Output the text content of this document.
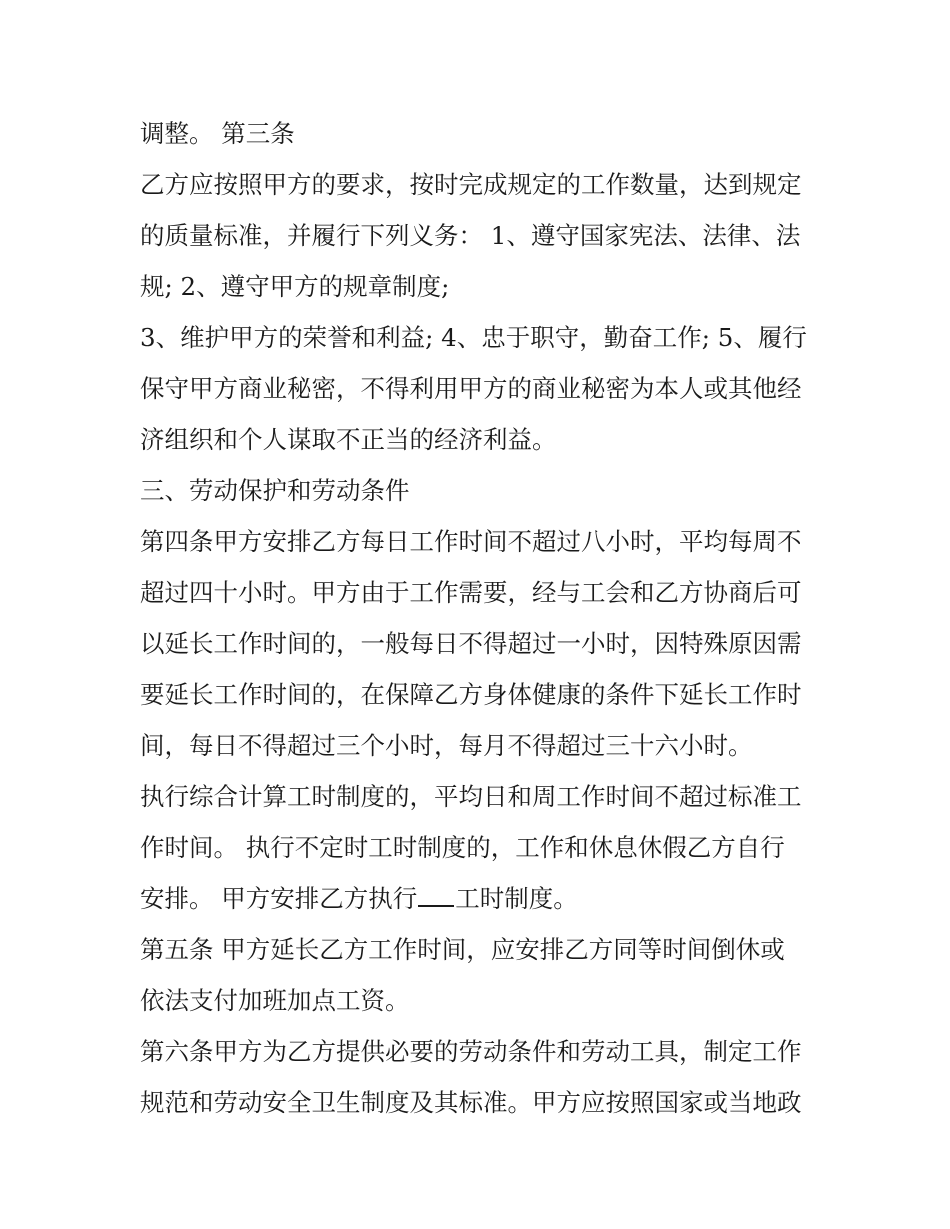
调整。 第三条

乙方应按照甲方的要求，按时完成规定的工作数量，达到规定

的质量标准，并履行下列义务： 1、遵守国家宪法、法律、法

规; 2、遵守甲方的规章制度;

3、维护甲方的荣誉和利益; 4、忠于职守，勤奋工作; 5、履行

保守甲方商业秘密，不得利用甲方的商业秘密为本人或其他经

济组织和个人谋取不正当的经济利益。

三、劳动保护和劳动条件

第四条甲方安排乙方每日工作时间不超过八小时，平均每周不

超过四十小时。甲方由于工作需要，经与工会和乙方协商后可

以延长工作时间的，一般每日不得超过一小时，因特殊原因需

要延长工作时间的，在保障乙方身体健康的条件下延长工作时

间，每日不得超过三个小时，每月不得超过三十六小时。

执行综合计算工时制度的，平均日和周工作时间不超过标准工

作时间。 执行不定时工时制度的，工作和休息休假乙方自行

安排。 甲方安排乙方执行 工时制度。

第五条 甲方延长乙方工作时间，应安排乙方同等时间倒休或

依法支付加班加点工资。

第六条甲方为乙方提供必要的劳动条件和劳动工具，制定工作

规范和劳动安全卫生制度及其标准。甲方应按照国家或当地政
